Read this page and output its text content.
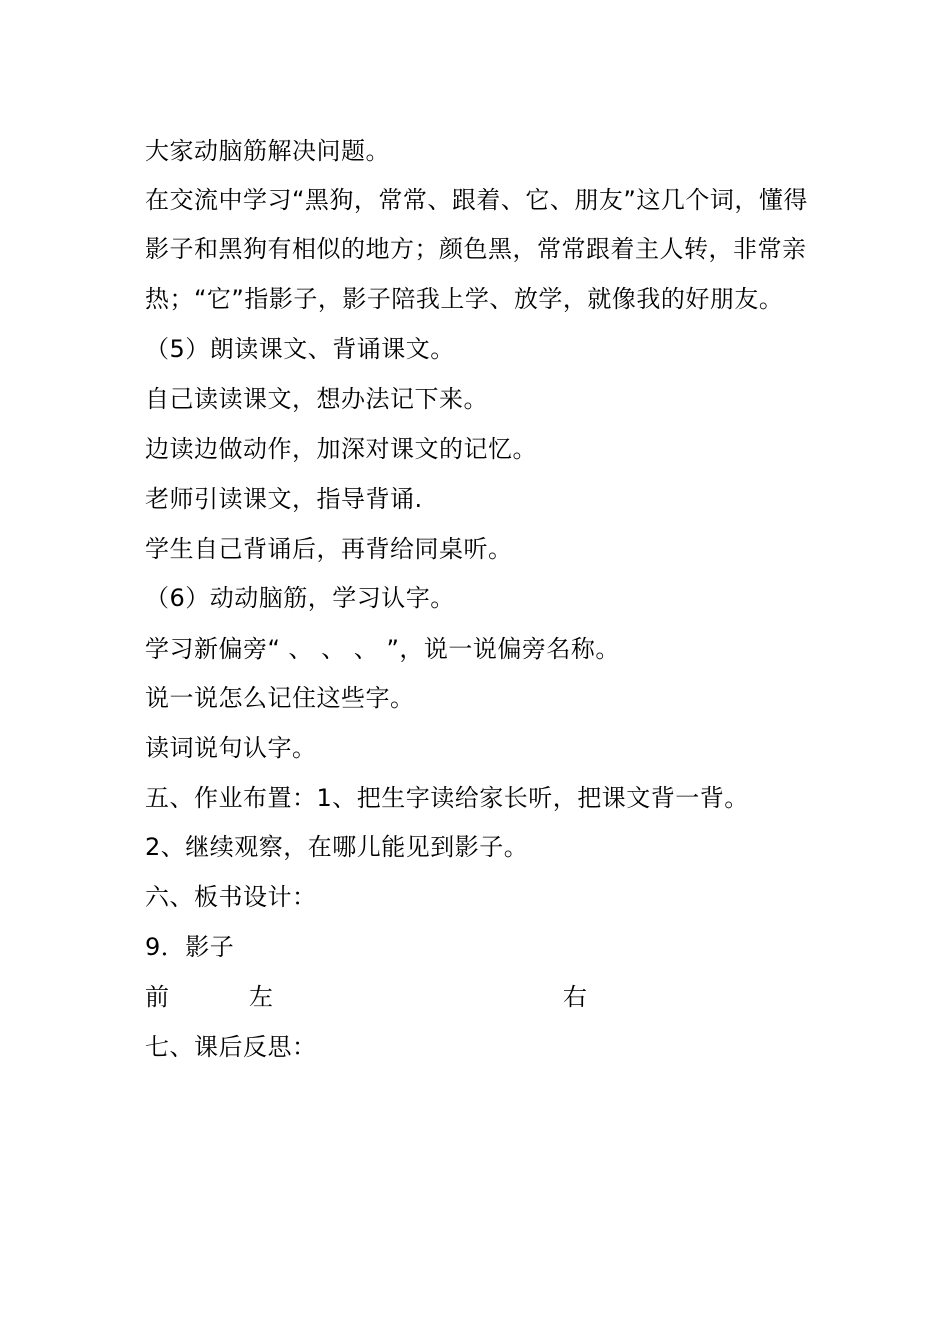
大家动脑筋解决问题。
在交流中学习“黑狗，常常、跟着、它、朋友”这几个词，懂得
影子和黑狗有相似的地方；颜色黑，常常跟着主人转，非常亲
热；“它”指影子，影子陪我上学、放学，就像我的好朋友。
（5）朗读课文、背诵课文。
自己读读课文，想办法记下来。
边读边做动作，加深对课文的记忆。
老师引读课文，指导背诵.
学生自己背诵后，再背给同桌听。
（6）动动脑筋，学习认字。
学习新偏旁“ 、 、 、 ”，说一说偏旁名称。
说一说怎么记住这些字。
读词说句认字。
五、作业布置：1、把生字读给家长听，把课文背一背。
2、继续观察，在哪儿能见到影子。
六、板书设计：
9．影子
前	左	右
七、课后反思：
